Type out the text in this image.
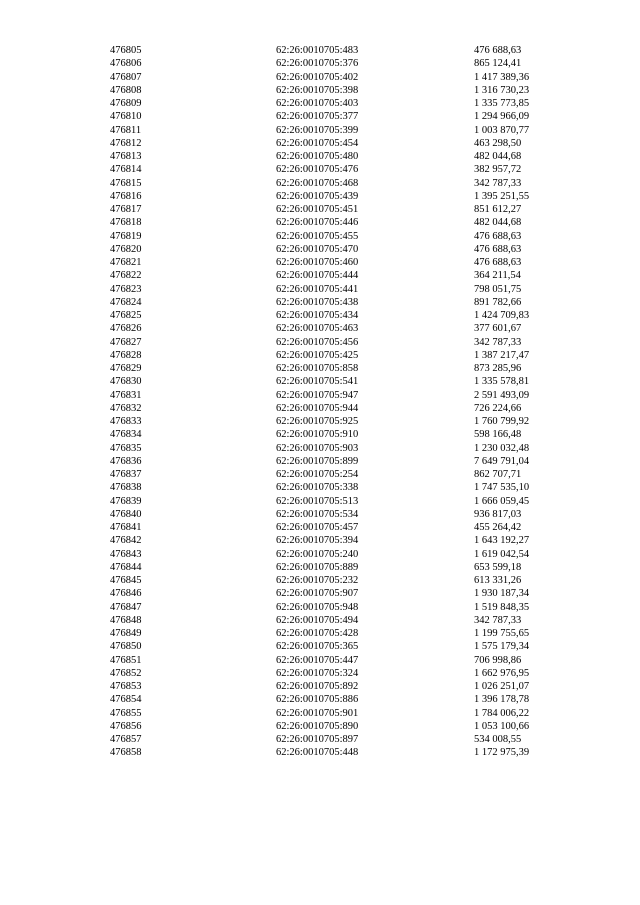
476805	62:26:0010705:483	476 688,63
476806	62:26:0010705:376	865 124,41
476807	62:26:0010705:402	1 417 389,36
476808	62:26:0010705:398	1 316 730,23
476809	62:26:0010705:403	1 335 773,85
476810	62:26:0010705:377	1 294 966,09
476811	62:26:0010705:399	1 003 870,77
476812	62:26:0010705:454	463 298,50
476813	62:26:0010705:480	482 044,68
476814	62:26:0010705:476	382 957,72
476815	62:26:0010705:468	342 787,33
476816	62:26:0010705:439	1 395 251,55
476817	62:26:0010705:451	851 612,27
476818	62:26:0010705:446	482 044,68
476819	62:26:0010705:455	476 688,63
476820	62:26:0010705:470	476 688,63
476821	62:26:0010705:460	476 688,63
476822	62:26:0010705:444	364 211,54
476823	62:26:0010705:441	798 051,75
476824	62:26:0010705:438	891 782,66
476825	62:26:0010705:434	1 424 709,83
476826	62:26:0010705:463	377 601,67
476827	62:26:0010705:456	342 787,33
476828	62:26:0010705:425	1 387 217,47
476829	62:26:0010705:858	873 285,96
476830	62:26:0010705:541	1 335 578,81
476831	62:26:0010705:947	2 591 493,09
476832	62:26:0010705:944	726 224,66
476833	62:26:0010705:925	1 760 799,92
476834	62:26:0010705:910	598 166,48
476835	62:26:0010705:903	1 230 032,48
476836	62:26:0010705:899	7 649 791,04
476837	62:26:0010705:254	862 707,71
476838	62:26:0010705:338	1 747 535,10
476839	62:26:0010705:513	1 666 059,45
476840	62:26:0010705:534	936 817,03
476841	62:26:0010705:457	455 264,42
476842	62:26:0010705:394	1 643 192,27
476843	62:26:0010705:240	1 619 042,54
476844	62:26:0010705:889	653 599,18
476845	62:26:0010705:232	613 331,26
476846	62:26:0010705:907	1 930 187,34
476847	62:26:0010705:948	1 519 848,35
476848	62:26:0010705:494	342 787,33
476849	62:26:0010705:428	1 199 755,65
476850	62:26:0010705:365	1 575 179,34
476851	62:26:0010705:447	706 998,86
476852	62:26:0010705:324	1 662 976,95
476853	62:26:0010705:892	1 026 251,07
476854	62:26:0010705:886	1 396 178,78
476855	62:26:0010705:901	1 784 006,22
476856	62:26:0010705:890	1 053 100,66
476857	62:26:0010705:897	534 008,55
476858	62:26:0010705:448	1 172 975,39
